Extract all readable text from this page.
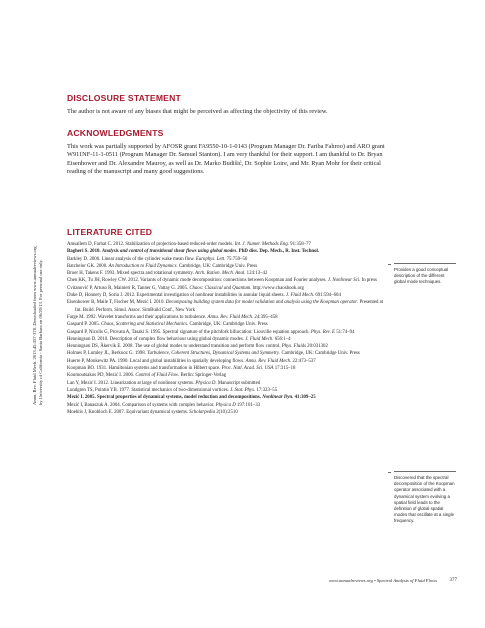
Annu. Rev. Fluid Mech. 2013.45:357-378. Downloaded from www.annualreviews.org by University of California - Santa Barbara on 06/20/13. For personal use only.
DISCLOSURE STATEMENT

The author is not aware of any biases that might be perceived as affecting the objectivity of this review.

ACKNOWLEDGMENTS

This work was partially supported by AFOSR grant FA9550-10-1-0143 (Program Manager Dr. Fariba Fahroo) and ARO grant W911NF-11-1-0511 (Program Manager Dr. Samuel Stanton). I am very thankful for their support. I am thankful to Dr. Bryan Eisenhower and Dr. Alexandre Mauroy, as well as Dr. Marko Budišić, Dr. Sophie Loire, and Mr. Ryan Mohr for their critical reading of the manuscript and many good suggestions.

LITERATURE CITED
Amsallem D, Farhat C. 2012. Stabilization of projection-based reduced-order models. Int. J. Numer. Methods Eng. 91:358–77
Bagheri S. 2010. Analysis and control of transitional shear flows using global modes. PhD diss. Dep. Mech., R. Inst. Technol.
Barkley D. 2006. Linear analysis of the cylinder wake mean flow. Europhys. Lett. 75:750–56
Batchelor GK. 2000. An Introduction to Fluid Dynamics. Cambridge, UK: Cambridge Univ. Press
Broer H, Takens F. 1993. Mixed spectra and rotational symmetry. Arch. Ration. Mech. Anal. 124:13–42
Chen KK, Tu JH, Rowley CW. 2012. Variants of dynamic mode decomposition: connections between Koopman and Fourier analyses. J. Nonlinear Sci. In press
Cvitanović P, Artuso R, Mainieri R, Tanner G, Vattay G. 2005. Chaos: Classical and Quantum. http://www.chaosbook.org
Duke D, Honnery D, Soria J. 2012. Experimental investigation of nonlinear instabilities in annular liquid sheets. J. Fluid Mech. 691:594–604
Eisenhower B, Maile T, Fischer M, Mezić I. 2010. Decomposing building system data for model validation and analysis using the Koopman operator. Presented at Int. Build. Perform. Simul. Assoc. SimBuild Conf., New York
Farge M. 1992. Wavelet transforms and their applications to turbulence. Annu. Rev. Fluid Mech. 24:395–458
Gaspard P. 2005. Chaos, Scattering and Statistical Mechanics. Cambridge, UK: Cambridge Univ. Press
Gaspard P, Nicolis G, Provata A, Tasaki S. 1995. Spectral signature of the pitchfork bifurcation: Liouville equation approach. Phys. Rev. E 51:74–94
Henningson D. 2010. Description of complex flow behaviour using global dynamic modes. J. Fluid Mech. 656:1–4
Henningson DS, Åkervik E. 2008. The use of global modes to understand transition and perform flow control. Phys. Fluids 20:031302
Holmes P, Lumley JL, Berkooz G. 1998. Turbulence, Coherent Structures, Dynamical Systems and Symmetry. Cambridge, UK: Cambridge Univ. Press
Huerre P, Monkewitz PA. 1990. Local and global instabilities in spatially developing flows. Annu. Rev. Fluid Mech. 22:473–537
Koopman BO. 1931. Hamiltonian systems and transformation in Hilbert space. Proc. Natl. Acad. Sci. USA 17:315–18
Koumoutsakos PD, Mezić I. 2006. Control of Fluid Flow. Berlin: Springer-Verlag
Lan Y, Mezić I. 2012. Linearization at large of nonlinear systems. Physica D. Manuscript submitted
Lundgren TS, Pointin YB. 1977. Statistical mechanics of two-dimensional vortices. J. Stat. Phys. 17:323–55
Mezić I. 2005. Spectral properties of dynamical systems, model reduction and decompositions. Nonlinear Dyn. 41:309–25
Mezić I, Banaszuk A. 2004. Comparison of systems with complex behavior. Physica D 197:101–33
Moehlis J, Knobloch E. 2007. Equivariant dynamical systems. Scholarpedia 2(10):2510
Provides a good conceptual description of the different global mode techniques.
Discovered that the spectral decomposition of the Koopman operator associated with a dynamical system evolving a spatial field leads to the definition of global spatial modes that oscillate at a single frequency.
www.annualreviews.org • Spectral Analysis of Fluid Flows	377
